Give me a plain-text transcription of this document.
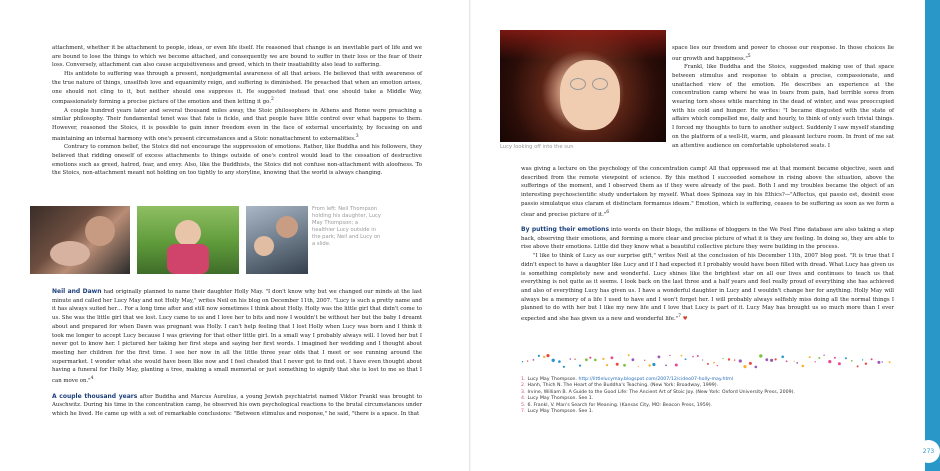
attachment, whether it be attachment to people, ideas, or even life itself. He reasoned that change is an inevitable part of life and we are bound to lose the things to which we become attached, and consequently we are bound to suffer in their loss or the fear of their loss. Conversely, attachment can also cause acquisitiveness and greed, which in their insatiability also lead to suffering.

His antidote to suffering was through a present, nonjudgmental awareness of all that arises. He believed that with awareness of the true nature of things, unselfish love and equanimity reign, and suffering is diminished. He preached that when an emotion arises, one should not cling to it, but neither should one suppress it. He suggested instead that one should take a Middle Way, compassionately forming a precise picture of the emotion and then letting it go.$^2$

A couple hundred years later and several thousand miles away, the Stoic philosophers in Athens and Rome were preaching a similar philosophy. Their fundamental tenet was that fate is fickle, and that people have little control over what happens to them. However, reasoned the Stoics, it is possible to gain inner freedom even in the face of external uncertainty, by focusing on and maintaining an internal harmony with one's present circumstances and a Stoic nonattachment to externalities.$^3$

Contrary to common belief, the Stoics did not encourage the suppression of emotions. Rather, like Buddha and his followers, they believed that ridding oneself of excess attachments to things outside of one's control would lead to the cessation of destructive emotions such as greed, hatred, fear, and envy. Also, like the Buddhists, the Stoics did not confuse non-attachment with aloofness. To the Stoics, non-attachment meant not holding on too tightly to any storyline, knowing that the world is always changing.

From left: Neil Thompson holding his daughter, Lucy May Thompson; a healthier Lucy outside in the park; Neil and Lucy on a slide.

Neil and Dawn had originally planned to name their daughter Holly May. "I don't know why but we changed our minds at the last minute and called her Lucy May and not Holly May," writes Neil on his blog on December 11th, 2007. "Lucy is such a pretty name and it has always suited her… For a long time after and still now sometimes I think about Holly. Holly was the little girl that didn't come to us. She was the little girl that we lost. Lucy came to us and I love her to bits and now I wouldn't be without her but the baby I dreamt about and prepared for when Dawn was pregnant was Holly. I can't help feeling that I lost Holly when Lucy was born and I think it took me longer to accept Lucy because I was grieving for that other little girl. In a small way I probably always will. I loved her but I never got to know her. I pictured her taking her first steps and saying her first words. I imagined her wedding and I thought about meeting her children for the first time. I see her now in all the little three year olds that I meet or see running around the supermarket. I wonder what she would have been like now and I feel cheated that I never got to find out. I have even thought about having a funeral for Holly May, planting a tree, making a small memorial or just something to signify that she is lost to me so that I can move on."$^4$

A couple thousand years after Buddha and Marcus Aurelius, a young Jewish psychiatrist named Viktor Frankl was brought to Auschwitz. During his time in the concentration camp, he observed his own psychological reactions to the brutal circumstances under which he lived. He came up with a set of remarkable conclusions: "Between stimulus and response," he said, "there is a space. In that

Lucy looking off into the sun

space lies our freedom and power to choose our response. In those choices lie our growth and happiness."$^5$

Frankl, like Buddha and the Stoics, suggested making use of that space between stimulus and response to obtain a precise, compassionate, and unattached view of the emotion. He describes an experience at the concentration camp where he was in tears from pain, had terrible sores from wearing torn shoes while marching in the dead of winter, and was preoccupied with his cold and hunger. He writes: "I became disgusted with the state of affairs which compelled me, daily and hourly, to think of only such trivial things. I forced my thoughts to turn to another subject. Suddenly I saw myself standing on the platform of a well-lit, warm, and pleasant lecture room. In front of me sat an attentive audience on comfortable upholstered seats. I

was giving a lecture on the psychology of the concentration camp! All that oppressed me at that moment became objective, seen and described from the remote viewpoint of science. By this method I succeeded somehow in rising above the situation, above the sufferings of the moment, and I observed them as if they were already of the past. Both I and my troubles became the object of an interesting psychoscientific study undertaken by myself. What does Spinoza say in his Ethics?—"Affectus, qui passio est, desinit esse passio simulatque eius claram et distinctam formamus ideam." Emotion, which is suffering, ceases to be suffering as soon as we form a clear and precise picture of it."$^6$

By putting their emotions into words on their blogs, the millions of bloggers in the We Feel Fine database are also taking a step back, observing their emotions, and forming a more clear and precise picture of what it is they are feeling. In doing so, they are able to rise above their emotions. Little did they know what a beautiful collective picture they were building in the process.

"I like to think of Lucy as our surprise gift," writes Neil at the conclusion of his December 11th, 2007 blog post. "It is true that I didn't expect to have a daughter like Lucy and if I had expected it I probably would have been filled with dread. What Lucy has given us is something completely new and wonderful. Lucy shines like the brightest star on all our lives and continues to teach us that everything is not quite as it seems. I look back on the last three and a half years and feel really proud of everything she has achieved and also of everything Lucy has given us. I have a wonderful daughter in Lucy and I wouldn't change her for anything. Holly May will always be a memory of a life I used to have and I won't forget her. I will probably always selfishly miss doing all the normal things I planned to do with her but I like my new life and I love that Lucy is part of it. Lucy May has brought us so much more than I ever expected and she has given us a new and wonderful life."$^7$ ♥

1. Lucy May Thompson. http://littlelucymay.blogspot.com/2007/12/cideo07-holly-may.html
2. Hanh, Thich N. The Heart of the Buddha's Teaching. (New York: Broadway, 1999).
3. Irvine, William B. A Guide to the Good Life: The Ancient Art of Stoic Joy. (New York: Oxford University Press, 2009).
4. Lucy May Thompson. See 1.
5. 6. Frankl, V. Man's Search for Meaning. (Kansas City, MO: Beacon Press, 1959).
7. Lucy May Thompson. See 1.
273
